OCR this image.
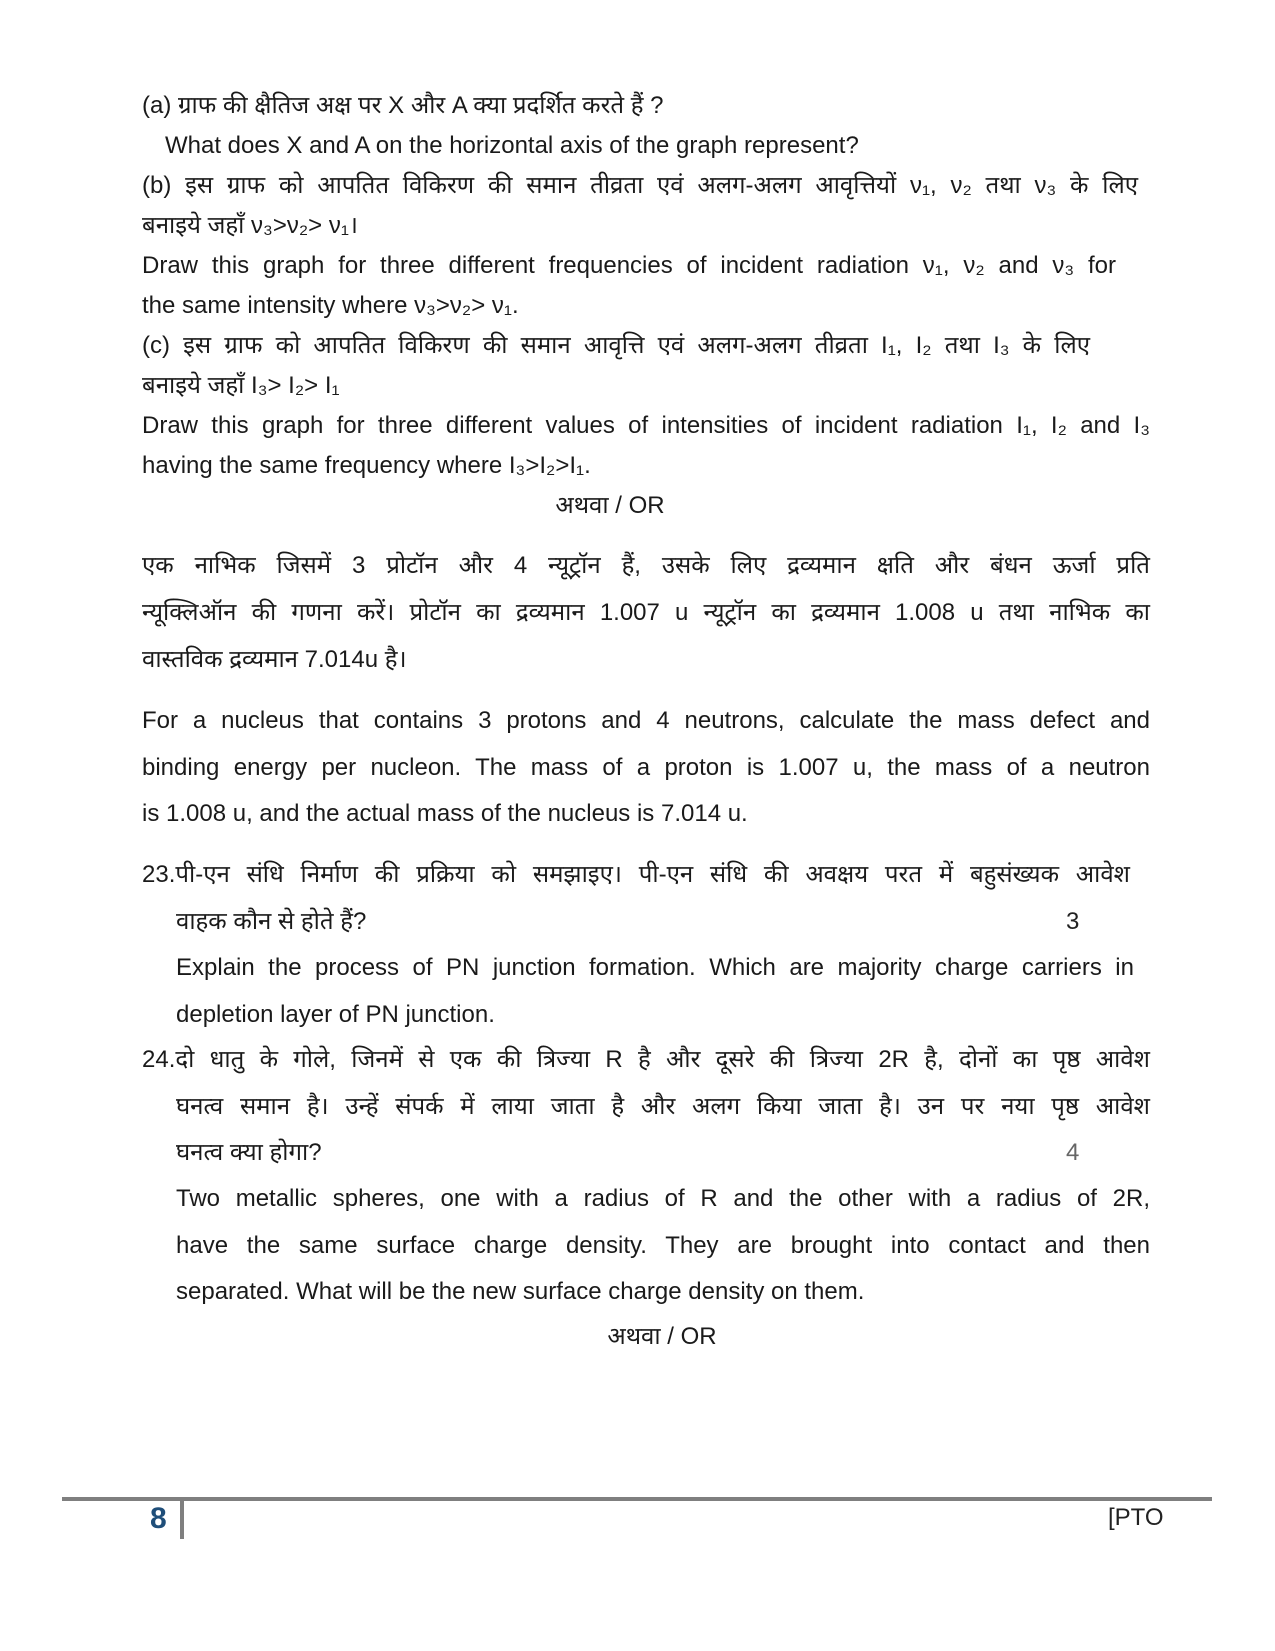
(a) ग्राफ की क्षैतिज अक्ष पर X और A क्या प्रदर्शित करते हैं ?
What does X and A on the horizontal axis of the graph represent?
(b) इस ग्राफ को आपतित विकिरण की समान तीव्रता एवं अलग-अलग आवृत्तियों ν₁, ν₂ तथा ν₃ के लिए
बनाइये जहाँ ν₃>ν₂> ν₁।
Draw this graph for three different frequencies of incident radiation ν₁, ν₂ and ν₃ for
the same intensity where ν₃>ν₂> ν₁.
(c) इस ग्राफ को आपतित विकिरण की समान आवृत्ति एवं अलग-अलग तीव्रता I₁, I₂ तथा I₃ के लिए
बनाइये जहाँ I₃> I₂> I₁
Draw this graph for three different values of intensities of incident radiation I₁, I₂ and I₃
having the same frequency where I₃>I₂>I₁.
अथवा / OR
एक नाभिक जिसमें 3 प्रोटॉन और 4 न्यूट्रॉन हैं, उसके लिए द्रव्यमान क्षति और बंधन ऊर्जा प्रति
न्यूक्लिऑन की गणना करें। प्रोटॉन का द्रव्यमान 1.007 u न्यूट्रॉन का द्रव्यमान 1.008 u तथा नाभिक का
वास्तविक द्रव्यमान 7.014u है।
For a nucleus that contains 3 protons and 4 neutrons, calculate the mass defect and
binding energy per nucleon. The mass of a proton is 1.007 u, the mass of a neutron
is 1.008 u, and the actual mass of the nucleus is 7.014 u.
23.पी-एन संधि निर्माण की प्रक्रिया को समझाइए। पी-एन संधि की अवक्षय परत में बहुसंख्यक आवेश
वाहक कौन से होते हैं?	3
Explain the process of PN junction formation. Which are majority charge carriers in
depletion layer of PN junction.
24.दो धातु के गोले, जिनमें से एक की त्रिज्या R है और दूसरे की त्रिज्या 2R है, दोनों का पृष्ठ आवेश
घनत्व समान है। उन्हें संपर्क में लाया जाता है और अलग किया जाता है। उन पर नया पृष्ठ आवेश
घनत्व क्या होगा?	4
Two metallic spheres, one with a radius of R and the other with a radius of 2R,
have the same surface charge density. They are brought into contact and then
separated. What will be the new surface charge density on them.
अथवा / OR
8	[PTO
